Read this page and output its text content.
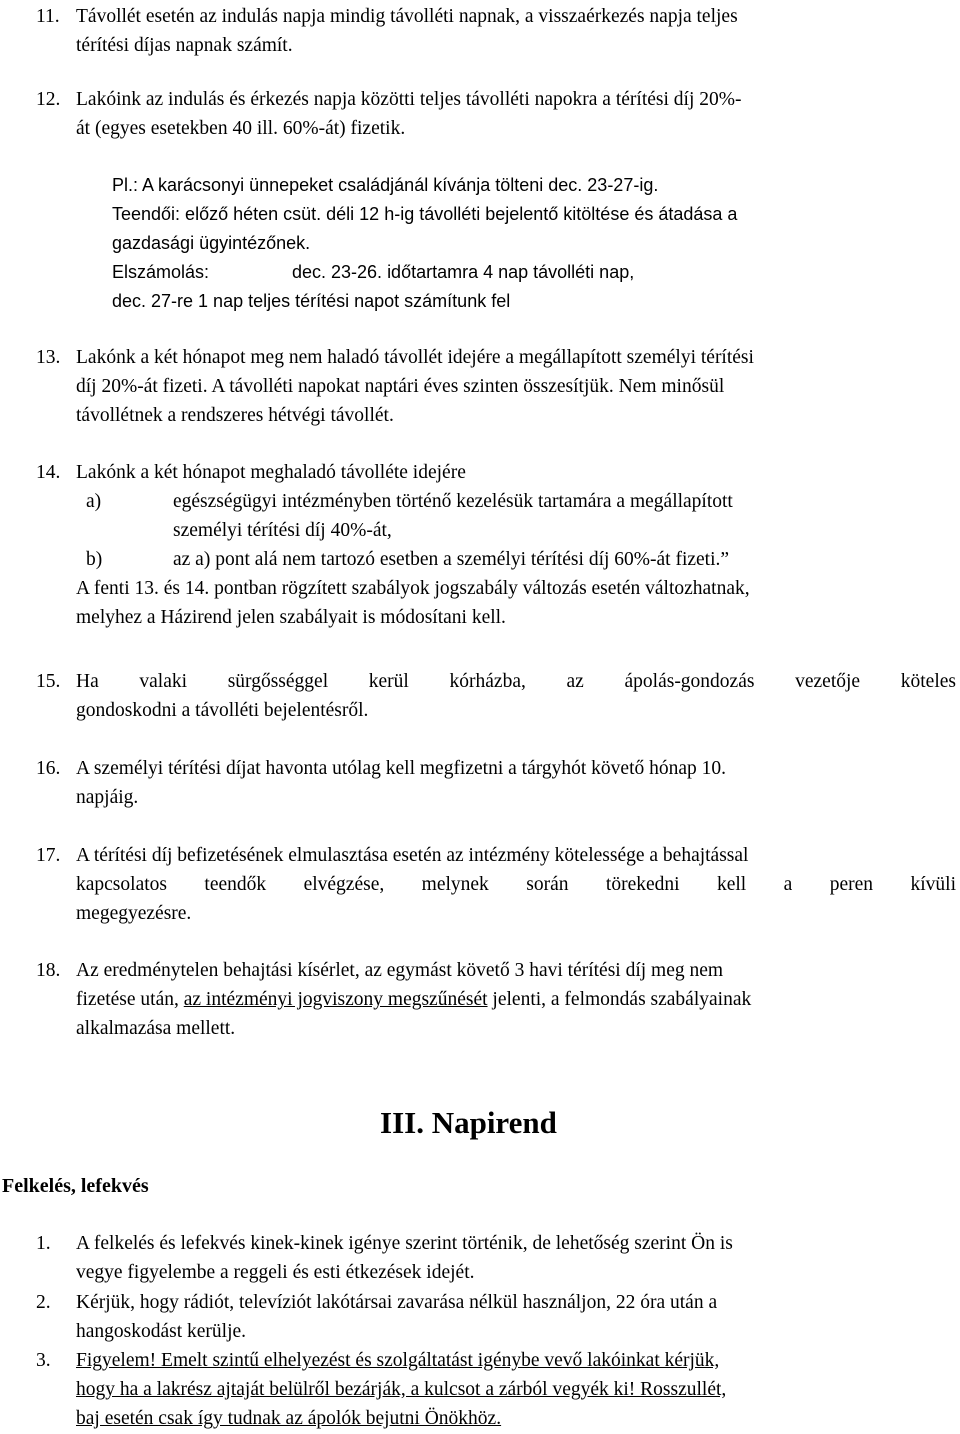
11. Távollét esetén az indulás napja mindig távolléti napnak, a visszaérkezés napja teljes
térítési díjas napnak számít.
12. Lakóink az indulás és érkezés napja közötti teljes távolléti napokra a térítési díj 20%-
át (egyes esetekben 40 ill. 60%-át) fizetik.
Pl.: A karácsonyi ünnepeket családjánál kívánja tölteni dec. 23-27-ig.
Teendői: előző héten csüt. déli 12 h-ig távolléti bejelentő kitöltése és átadása a
gazdasági ügyintézőnek.
Elszámolás:	dec. 23-26. időtartamra 4 nap távolléti nap,
dec. 27-re 1 nap teljes térítési napot számítunk fel
13. Lakónk a két hónapot meg nem haladó távollét idejére a megállapított személyi térítési
díj 20%-át fizeti. A távolléti napokat naptári éves szinten összesítjük. Nem minősül
távollétnek a rendszeres hétvégi távollét.
14. Lakónk a két hónapot meghaladó távolléte idejére
a)	egészségügyi intézményben történő kezelésük tartamára a megállapított
személyi térítési díj 40%-át,
b)	az a) pont alá nem tartozó esetben a személyi térítési díj 60%-át fizeti.”
A fenti 13. és 14. pontban rögzített szabályok jogszabály változás esetén változhatnak,
melyhez a Házirend jelen szabályait is módosítani kell.
15. Ha valaki sürgősséggel kerül kórházba, az ápolás-gondozás vezetője köteles
gondoskodni a távolléti bejelentésről.
16. A személyi térítési díjat havonta utólag kell megfizetni a tárgyhót követő hónap 10.
napjáig.
17. A térítési díj befizetésének elmulasztása esetén az intézmény kötelessége a behajtással
kapcsolatos teendők elvégzése, melynek során törekedni kell a peren kívüli
megegyezésre.
18. Az eredménytelen behajtási kísérlet, az egymást követő 3 havi térítési díj meg nem
fizetése után, az intézményi jogviszony megszűnését jelenti, a felmondás szabályainak
alkalmazása mellett.
III. Napirend
Felkelés, lefekvés
1. A felkelés és lefekvés kinek-kinek igénye szerint történik, de lehetőség szerint Ön is
vegye figyelembe a reggeli és esti étkezések idejét.
2. Kérjük, hogy rádiót, televíziót lakótársai zavarása nélkül használjon, 22 óra után a
hangoskodást kerülje.
3. Figyelem! Emelt szintű elhelyezést és szolgáltatást igénybe vevő lakóinkat kérjük,
hogy ha a lakrész ajtaját belülről bezárják, a kulcsot a zárból vegyék ki! Rosszullét,
baj esetén csak így tudnak az ápolók bejutni Önökhöz.
